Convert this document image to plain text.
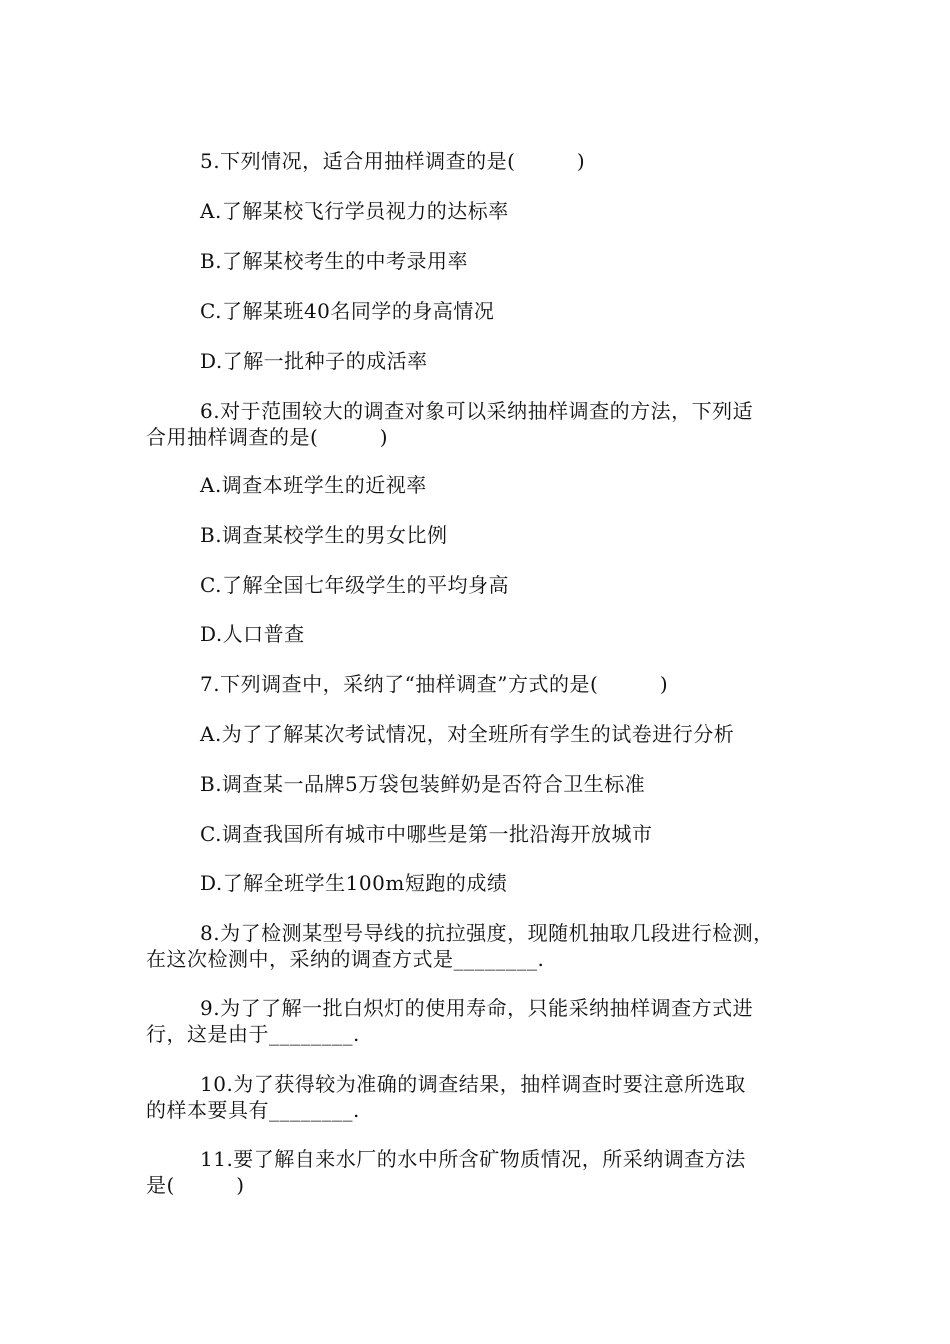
5.下列情况，适合用抽样调查的是(　　　)
A.了解某校飞行学员视力的达标率
B.了解某校考生的中考录用率
C.了解某班40名同学的身高情况
D.了解一批种子的成活率
6.对于范围较大的调查对象可以采纳抽样调查的方法，下列适
合用抽样调查的是(　　　)
A.调查本班学生的近视率
B.调查某校学生的男女比例
C.了解全国七年级学生的平均身高
D.人口普查
7.下列调查中，采纳了“抽样调查”方式的是(　　　)
A.为了了解某次考试情况，对全班所有学生的试卷进行分析
B.调查某一品牌5万袋包装鲜奶是否符合卫生标准
C.调查我国所有城市中哪些是第一批沿海开放城市
D.了解全班学生100m短跑的成绩
8.为了检测某型号导线的抗拉强度，现随机抽取几段进行检测，
在这次检测中，采纳的调查方式是________.
9.为了了解一批白炽灯的使用寿命，只能采纳抽样调查方式进
行，这是由于________.
10.为了获得较为准确的调查结果，抽样调查时要注意所选取
的样本要具有________.
11.要了解自来水厂的水中所含矿物质情况，所采纳调查方法
是(　　　)
